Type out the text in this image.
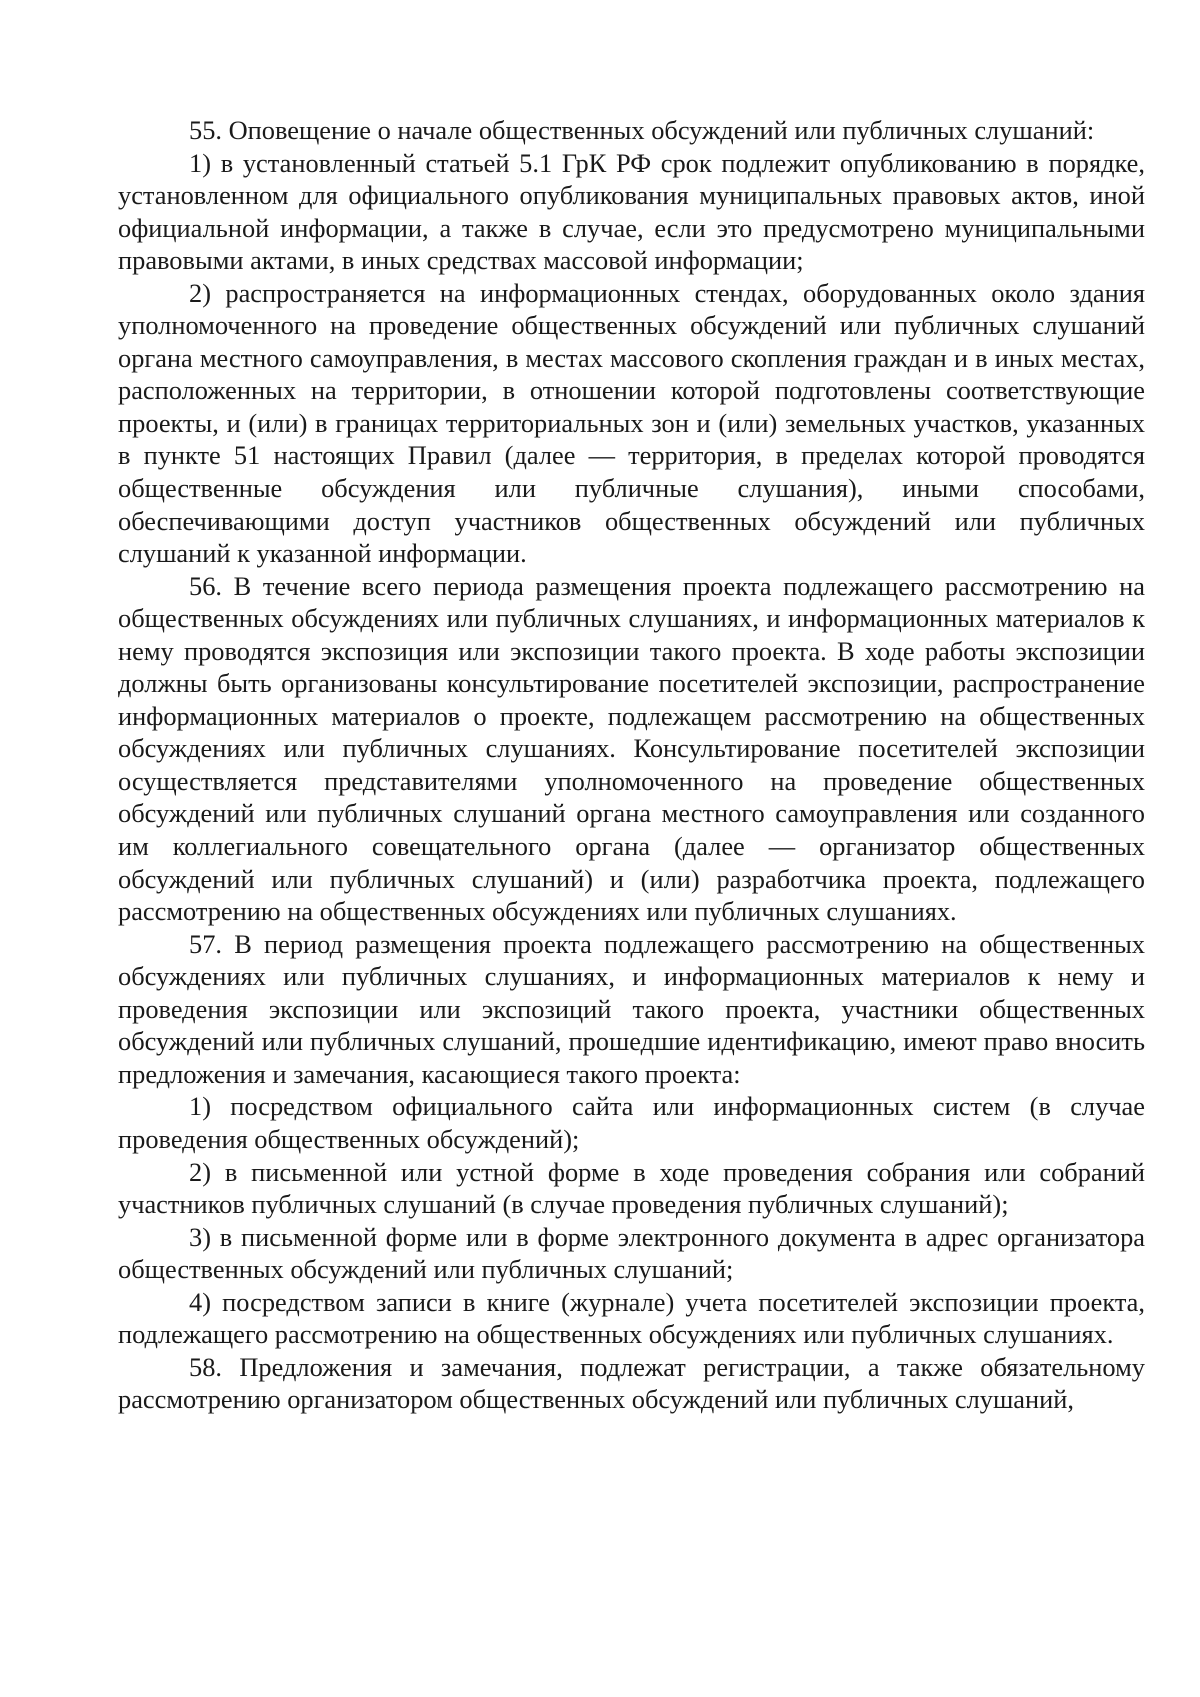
55. Оповещение о начале общественных обсуждений или публичных слушаний:

1) в установленный статьей 5.1 ГрК РФ срок подлежит опубликованию в порядке, установленном для официального опубликования муниципальных правовых актов, иной официальной информации, а также в случае, если это предусмотрено муниципальными правовыми актами, в иных средствах массовой информации;

2) распространяется на информационных стендах, оборудованных около здания уполномоченного на проведение общественных обсуждений или публичных слушаний органа местного самоуправления, в местах массового скопления граждан и в иных местах, расположенных на территории, в отношении которой подготовлены соответствующие проекты, и (или) в границах территориальных зон и (или) земельных участков, указанных в пункте 51 настоящих Правил (далее — территория, в пределах которой проводятся общественные обсуждения или публичные слушания), иными способами, обеспечивающими доступ участников общественных обсуждений или публичных слушаний к указанной информации.

56. В течение всего периода размещения проекта подлежащего рассмотрению на общественных обсуждениях или публичных слушаниях, и информационных материалов к нему проводятся экспозиция или экспозиции такого проекта. В ходе работы экспозиции должны быть организованы консультирование посетителей экспозиции, распространение информационных материалов о проекте, подлежащем рассмотрению на общественных обсуждениях или публичных слушаниях. Консультирование посетителей экспозиции осуществляется представителями уполномоченного на проведение общественных обсуждений или публичных слушаний органа местного самоуправления или созданного им коллегиального совещательного органа (далее — организатор общественных обсуждений или публичных слушаний) и (или) разработчика проекта, подлежащего рассмотрению на общественных обсуждениях или публичных слушаниях.

57. В период размещения проекта подлежащего рассмотрению на общественных обсуждениях или публичных слушаниях, и информационных материалов к нему и проведения экспозиции или экспозиций такого проекта, участники общественных обсуждений или публичных слушаний, прошедшие идентификацию, имеют право вносить предложения и замечания, касающиеся такого проекта:

1) посредством официального сайта или информационных систем (в случае проведения общественных обсуждений);

2) в письменной или устной форме в ходе проведения собрания или собраний участников публичных слушаний (в случае проведения публичных слушаний);

3) в письменной форме или в форме электронного документа в адрес организатора общественных обсуждений или публичных слушаний;

4) посредством записи в книге (журнале) учета посетителей экспозиции проекта, подлежащего рассмотрению на общественных обсуждениях или публичных слушаниях.

58. Предложения и замечания, подлежат регистрации, а также обязательному рассмотрению организатором общественных обсуждений или публичных слушаний,
